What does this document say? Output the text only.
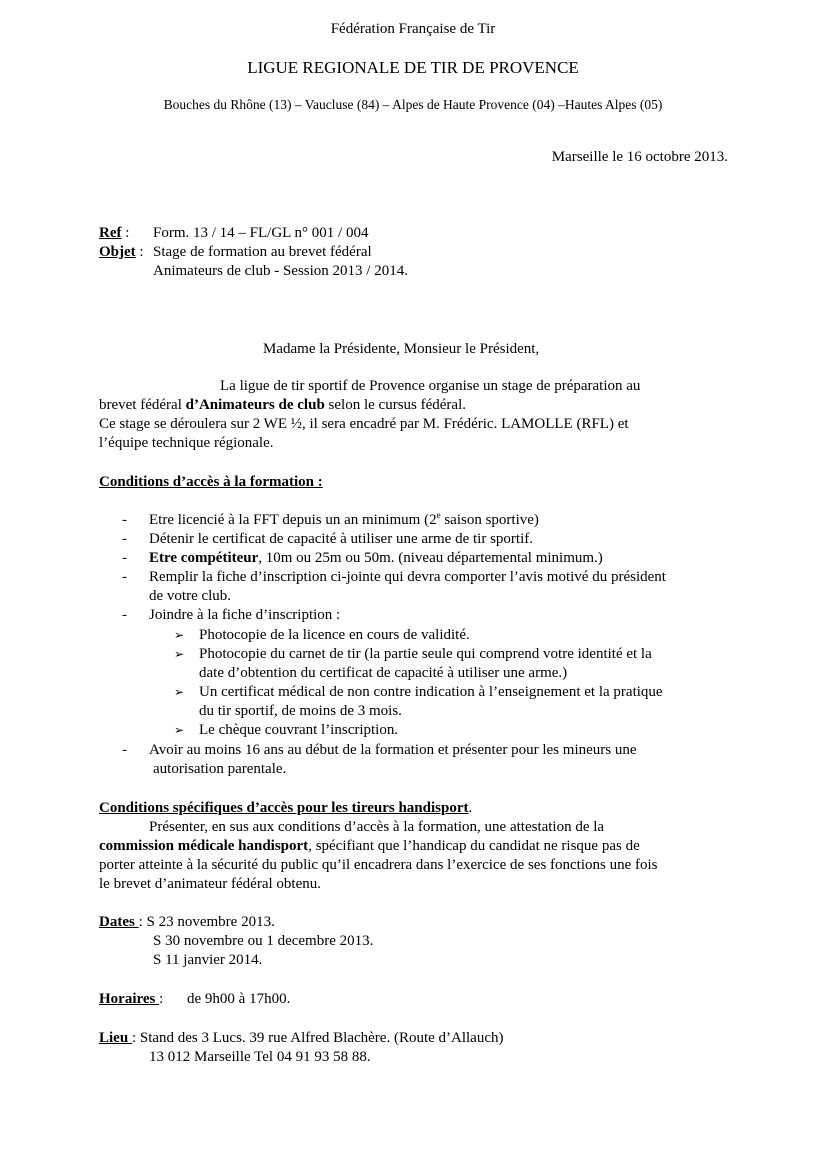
Fédération Française de Tir
LIGUE REGIONALE DE TIR DE PROVENCE
Bouches du Rhône (13) – Vaucluse (84) – Alpes de Haute Provence (04) –Hautes Alpes (05)
Marseille le 16 octobre 2013.
Ref : Form. 13 / 14 – FL/GL n° 001 / 004
Objet : Stage de formation au brevet fédéral
Animateurs de club - Session 2013 / 2014.
Madame la Présidente, Monsieur le Président,
La ligue de tir sportif de Provence organise un stage de préparation au
brevet fédéral d’Animateurs de club selon le cursus fédéral.
Ce stage se déroulera sur 2 WE ½, il sera encadré par M. Frédéric. LAMOLLE (RFL) et
l’équipe technique régionale.
Conditions d’accès à la formation :
- Etre licencié à la FFT depuis un an minimum (2e saison sportive)
- Détenir le certificat de capacité à utiliser une arme de tir sportif.
- Etre compétiteur, 10m ou 25m ou 50m. (niveau départemental minimum.)
- Remplir la fiche d’inscription ci-jointe qui devra comporter l’avis motivé du président
de votre club.
- Joindre à la fiche d’inscription :
➢ Photocopie de la licence en cours de validité.
➢ Photocopie du carnet de tir (la partie seule qui comprend votre identité et la
date d’obtention du certificat de capacité à utiliser une arme.)
➢ Un certificat médical de non contre indication à l’enseignement et la pratique
du tir sportif, de moins de 3 mois.
➢ Le chèque couvrant l’inscription.
- Avoir au moins 16 ans au début de la formation et présenter pour les mineurs une
autorisation parentale.
Conditions spécifiques d’accès pour les tireurs handisport.
Présenter, en sus aux conditions d’accès à la formation, une attestation de la
commission médicale handisport, spécifiant que l’handicap du candidat ne risque pas de
porter atteinte à la sécurité du public qu’il encadrera dans l’exercice de ses fonctions une fois
le brevet d’animateur fédéral obtenu.
Dates : S 23 novembre 2013.
S 30 novembre ou 1 decembre 2013.
S 11 janvier 2014.
Horaires : de 9h00 à 17h00.
Lieu : Stand des 3 Lucs. 39 rue Alfred Blachère. (Route d’Allauch)
13 012 Marseille Tel 04 91 93 58 88.
